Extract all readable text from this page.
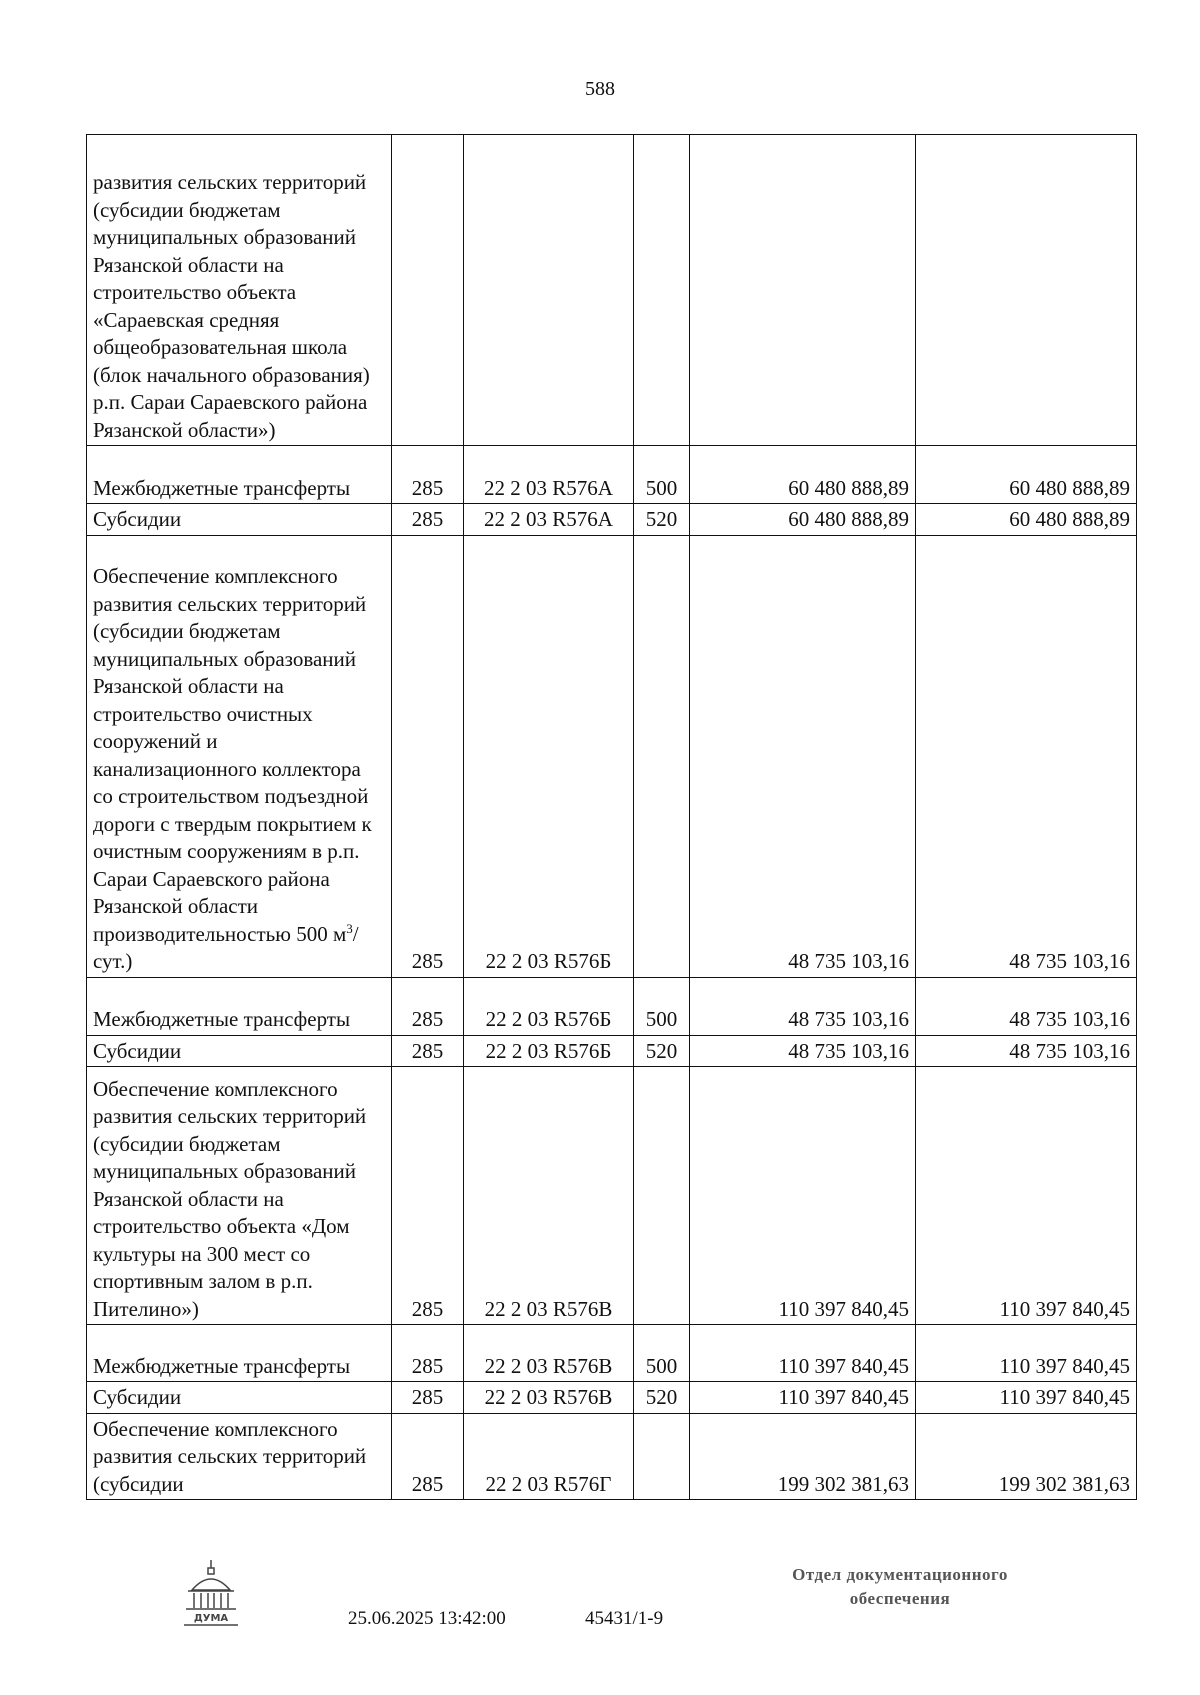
588
развития сельских территорий (субсидии бюджетам муниципальных образований Рязанской области на строительство объекта «Сараевская средняя общеобразовательная школа (блок начального образования) р.п. Сараи Сараевского района Рязанской области»)					
Межбюджетные трансферты	285	22 2 03 R576А	500	60 480 888,89	60 480 888,89
Субсидии	285	22 2 03 R576А	520	60 480 888,89	60 480 888,89
Обеспечение комплексного развития сельских территорий (субсидии бюджетам муниципальных образований Рязанской области на строительство очистных сооружений и канализационного коллектора со строительством подъездной дороги с твердым покрытием к очистным сооружениям в р.п. Сараи Сараевского района Рязанской области производительностью 500 $м^3/сут$.)	285	22 2 03 R576Б		48 735 103,16	48 735 103,16
Межбюджетные трансферты	285	22 2 03 R576Б	500	48 735 103,16	48 735 103,16
Субсидии	285	22 2 03 R576Б	520	48 735 103,16	48 735 103,16
Обеспечение комплексного развития сельских территорий (субсидии бюджетам муниципальных образований Рязанской области на строительство объекта «Дом культуры на 300 мест со спортивным залом в р.п. Пителино»)	285	22 2 03 R576В		110 397 840,45	110 397 840,45
Межбюджетные трансферты	285	22 2 03 R576В	500	110 397 840,45	110 397 840,45
Субсидии	285	22 2 03 R576В	520	110 397 840,45	110 397 840,45
Обеспечение комплексного развития сельских территорий (субсидии	285	22 2 03 R576Г		199 302 381,63	199 302 381,63
ДУМА	25.06.2025 13:42:00	45431/1-9
Отдел документационного
обеспечения
